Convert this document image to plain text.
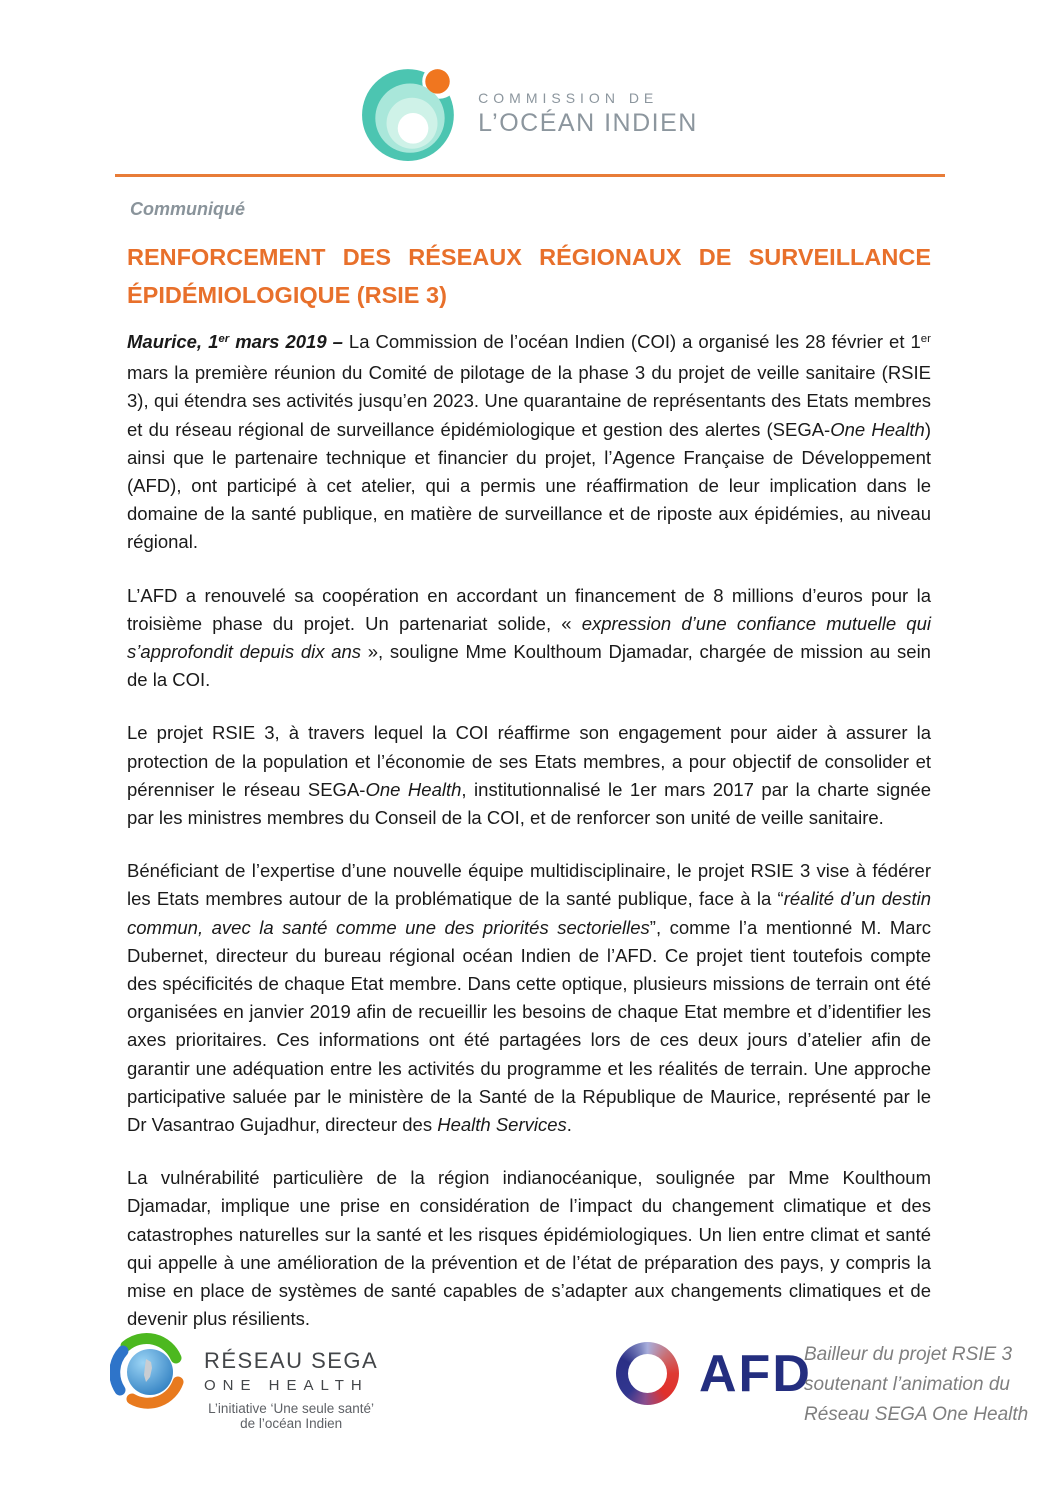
COMMISSION DE
L’OCÉAN INDIEN
Communiqué
RENFORCEMENT DES RÉSEAUX RÉGIONAUX DE SURVEILLANCE ÉPIDÉMIOLOGIQUE (RSIE 3)

Maurice, 1er mars 2019 – La Commission de l’océan Indien (COI) a organisé les 28 février et 1er mars la première réunion du Comité de pilotage de la phase 3 du projet de veille sanitaire (RSIE 3), qui étendra ses activités jusqu’en 2023. Une quarantaine de représentants des Etats membres et du réseau régional de surveillance épidémiologique et gestion des alertes (SEGA-One Health) ainsi que le partenaire technique et financier du projet, l’Agence Française de Développement (AFD), ont participé à cet atelier, qui a permis une réaffirmation de leur implication dans le domaine de la santé publique, en matière de surveillance et de riposte aux épidémies, au niveau régional.

L’AFD a renouvelé sa coopération en accordant un financement de 8 millions d’euros pour la troisième phase du projet. Un partenariat solide, « expression d’une confiance mutuelle qui s’approfondit depuis dix ans », souligne Mme Koulthoum Djamadar, chargée de mission au sein de la COI.

Le projet RSIE 3, à travers lequel la COI réaffirme son engagement pour aider à assurer la protection de la population et l’économie de ses Etats membres, a pour objectif de consolider et pérenniser le réseau SEGA-One Health, institutionnalisé le 1er mars 2017 par la charte signée par les ministres membres du Conseil de la COI, et de renforcer son unité de veille sanitaire.

Bénéficiant de l’expertise d’une nouvelle équipe multidisciplinaire, le projet RSIE 3 vise à fédérer les Etats membres autour de la problématique de la santé publique, face à la “réalité d’un destin commun, avec la santé comme une des priorités sectorielles”, comme l’a mentionné M. Marc Dubernet, directeur du bureau régional océan Indien de l’AFD. Ce projet tient toutefois compte des spécificités de chaque Etat membre. Dans cette optique, plusieurs missions de terrain ont été organisées en janvier 2019 afin de recueillir les besoins de chaque Etat membre et d’identifier les axes prioritaires. Ces informations ont été partagées lors de ces deux jours d’atelier afin de garantir une adéquation entre les activités du programme et les réalités de terrain. Une approche participative saluée par le ministère de la Santé de la République de Maurice, représenté par le Dr Vasantrao Gujadhur, directeur des Health Services.

La vulnérabilité particulière de la région indianocéanique, soulignée par Mme Koulthoum Djamadar, implique une prise en considération de l’impact du changement climatique et des catastrophes naturelles sur la santé et les risques épidémiologiques. Un lien entre climat et santé qui appelle à une amélioration de la prévention et de l’état de préparation des pays, y compris la mise en place de systèmes de santé capables de s’adapter aux changements climatiques et de devenir plus résilients.

RÉSEAU SEGA
ONE HEALTH
L’initiative ‘Une seule santé’
de l’océan Indien
AFD
Bailleur du projet RSIE 3
soutenant l’animation du
Réseau SEGA One Health
